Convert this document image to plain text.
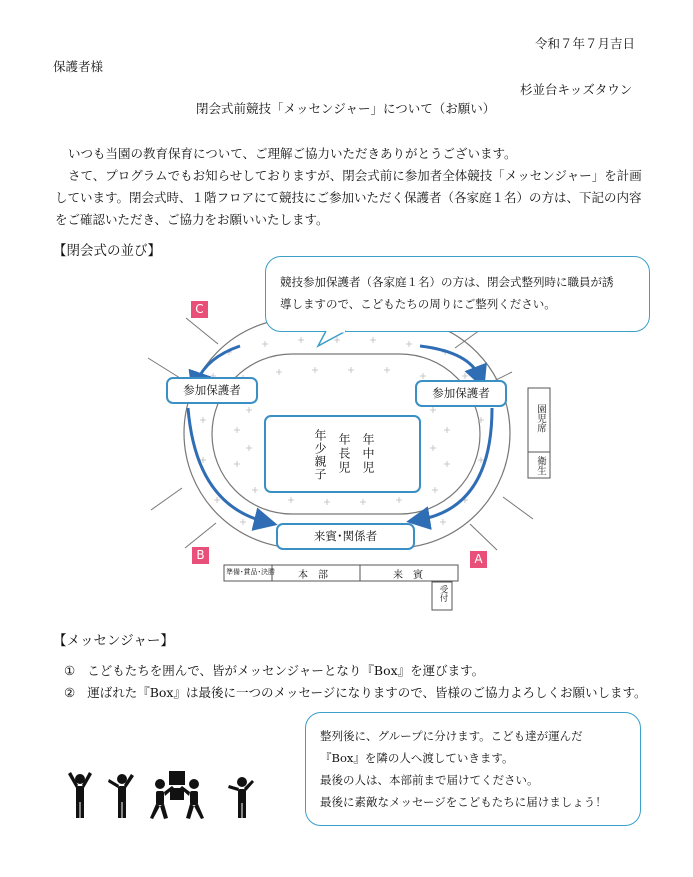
令和７年７月吉日
保護者様
杉並台キッズタウン
閉会式前競技「メッセンジャー」について（お願い）
いつも当園の教育保育について、ご理解ご協力いただきありがとうございます。
さて、プログラムでもお知らせしておりますが、閉会式前に参加者全体競技「メッセンジャー」を計画
しています。閉会式時、１階フロアにて競技にご参加いただく保護者（各家庭１名）の方は、下記の内容
をご確認いただき、ご協力をお願いいたします。
【閉会式の並び】
競技参加保護者（各家庭１名）の方は、閉会式整列時に職員が誘
導しますので、こどもたちの周りにご整列ください。
C
B	A
参加保護者	参加保護者
年中児
年長児
年少親子
来賓･関係者
園児席
衛生
準備･賞品･決勝 本　部	来　賓
受付
【メッセンジャー】
① こどもたちを囲んで、皆がメッセンジャーとなり『Box』を運びます。
② 運ばれた『Box』は最後に一つのメッセージになりますので、皆様のご協力よろしくお願いします。
整列後に、グループに分けます。こども達が運んだ
『Box』を隣の人へ渡していきます。
最後の人は、本部前まで届けてください。
最後に素敵なメッセージをこどもたちに届けましょう！
